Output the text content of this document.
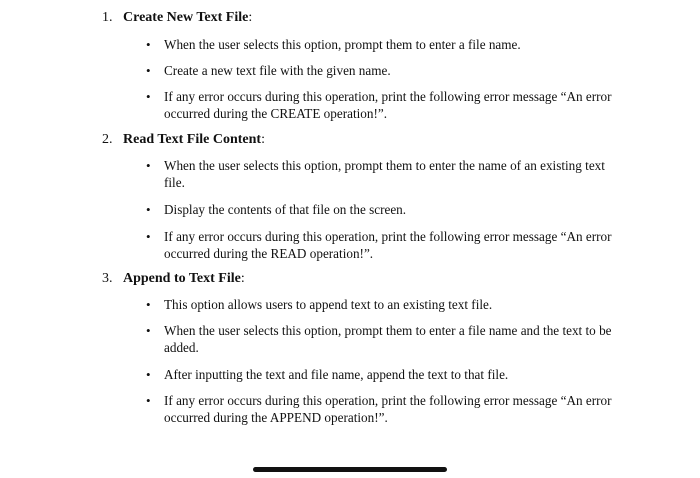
1. Create New Text File:
•	When the user selects this option, prompt them to enter a file name.
•	Create a new text file with the given name.
•	If any error occurs during this operation, print the following error message “An error occurred during the CREATE operation!”.
2. Read Text File Content:
•	When the user selects this option, prompt them to enter the name of an existing text file.
•	Display the contents of that file on the screen.
•	If any error occurs during this operation, print the following error message “An error occurred during the READ operation!”.
3. Append to Text File:
•	This option allows users to append text to an existing text file.
•	When the user selects this option, prompt them to enter a file name and the text to be added.
•	After inputting the text and file name, append the text to that file.
•	If any error occurs during this operation, print the following error message “An error occurred during the APPEND operation!”.
